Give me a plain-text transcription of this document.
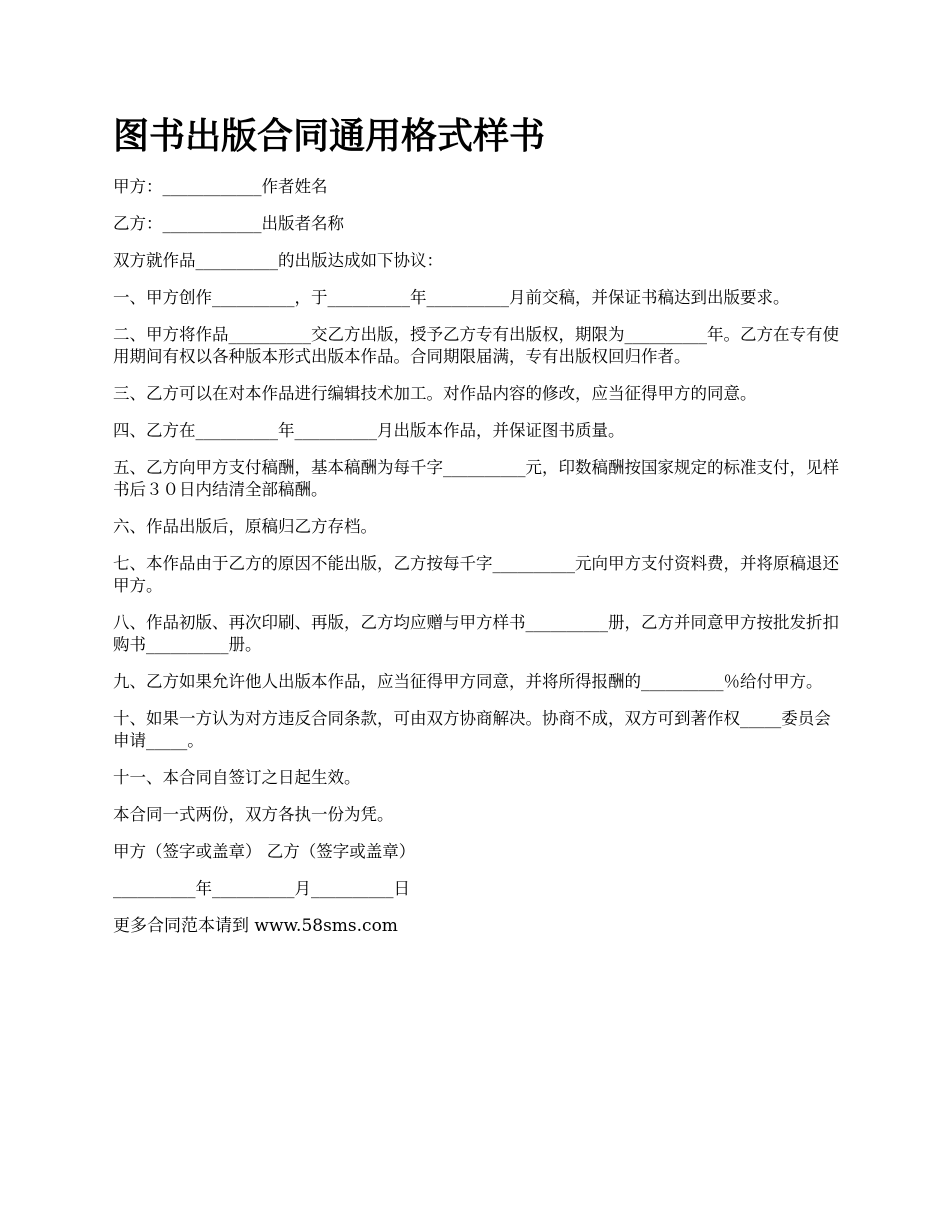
图书出版合同通用格式样书

甲方：____________作者姓名

乙方：____________出版者名称

双方就作品__________的出版达成如下协议：

一、甲方创作__________，于__________年__________月前交稿，并保证书稿达到出版要求。

二、甲方将作品__________交乙方出版，授予乙方专有出版权，期限为__________年。乙方在专有使用期间有权以各种版本形式出版本作品。合同期限届满，专有出版权回归作者。

三、乙方可以在对本作品进行编辑技术加工。对作品内容的修改，应当征得甲方的同意。

四、乙方在__________年__________月出版本作品，并保证图书质量。

五、乙方向甲方支付稿酬，基本稿酬为每千字__________元，印数稿酬按国家规定的标准支付，见样书后３０日内结清全部稿酬。

六、作品出版后，原稿归乙方存档。

七、本作品由于乙方的原因不能出版，乙方按每千字__________元向甲方支付资料费，并将原稿退还甲方。

八、作品初版、再次印刷、再版，乙方均应赠与甲方样书__________册，乙方并同意甲方按批发折扣购书__________册。

九、乙方如果允许他人出版本作品，应当征得甲方同意，并将所得报酬的__________％给付甲方。

十、如果一方认为对方违反合同条款，可由双方协商解决。协商不成，双方可到著作权_____委员会申请_____。

十一、本合同自签订之日起生效。

本合同一式两份，双方各执一份为凭。

甲方（签字或盖章） 乙方（签字或盖章）

__________年__________月__________日

更多合同范本请到 www.58sms.com
